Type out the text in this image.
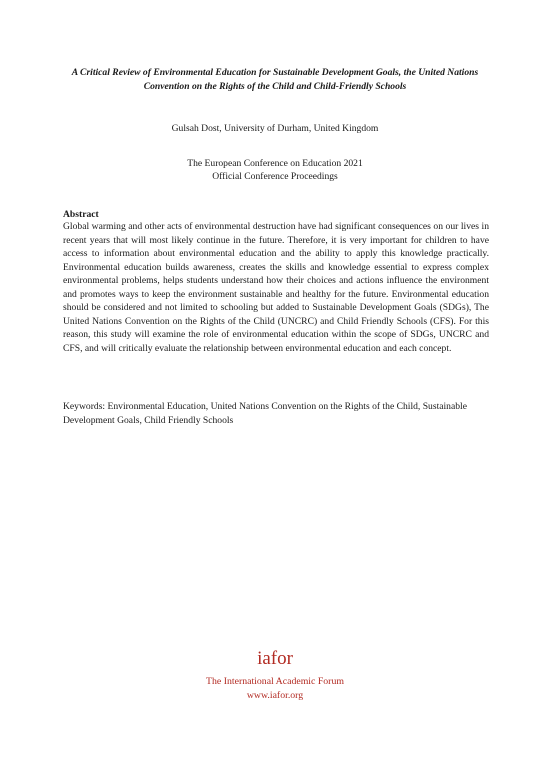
A Critical Review of Environmental Education for Sustainable Development Goals, the United Nations Convention on the Rights of the Child and Child-Friendly Schools
Gulsah Dost, University of Durham, United Kingdom
The European Conference on Education 2021
Official Conference Proceedings
Abstract
Global warming and other acts of environmental destruction have had significant consequences on our lives in recent years that will most likely continue in the future. Therefore, it is very important for children to have access to information about environmental education and the ability to apply this knowledge practically. Environmental education builds awareness, creates the skills and knowledge essential to express complex environmental problems, helps students understand how their choices and actions influence the environment and promotes ways to keep the environment sustainable and healthy for the future. Environmental education should be considered and not limited to schooling but added to Sustainable Development Goals (SDGs), The United Nations Convention on the Rights of the Child (UNCRC) and Child Friendly Schools (CFS). For this reason, this study will examine the role of environmental education within the scope of SDGs, UNCRC and CFS, and will critically evaluate the relationship between environmental education and each concept.
Keywords: Environmental Education, United Nations Convention on the Rights of the Child, Sustainable Development Goals, Child Friendly Schools
iafor
The International Academic Forum
www.iafor.org
